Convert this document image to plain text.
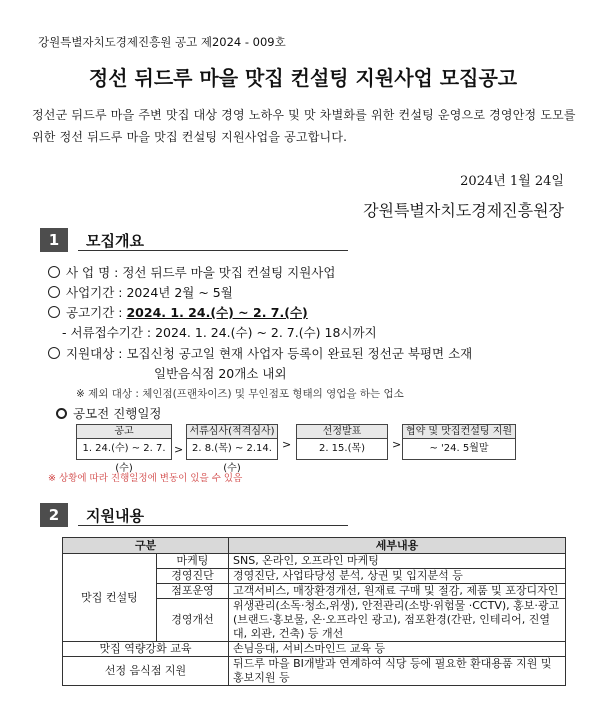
강원특별자치도경제진흥원 공고 제2024 - 009호
정선 뒤드루 마을 맛집 컨설팅 지원사업 모집공고
정선군 뒤드루 마을 주변 맛집 대상 경영 노하우 및 맛 차별화를 위한 컨설팅 운영으로 경영안정 도모를 위한 정선 뒤드루 마을 맛집 컨설팅 지원사업을 공고합니다.
2024년 1월 24일
강원특별자치도경제진흥원장
1	모집개요
사 업 명 : 정선 뒤드루 마을 맛집 컨설팅 지원사업
사업기간 : 2024년 2월 ~ 5월
공고기간 : 2024. 1. 24.(수) ~ 2. 7.(수)
- 서류접수기간 : 2024. 1. 24.(수) ~ 2. 7.(수) 18시까지
지원대상 : 모집신청 공고일 현재 사업자 등록이 완료된 정선군 북평면 소재
일반음식점 20개소 내외
※ 제외 대상 : 체인점(프랜차이즈) 및 무인점포 형태의 영업을 하는 업소
공모전 진행일정
공고
1. 24.(수) ~ 2. 7.(수)
>
서류심사(적격심사)
2. 8.(목) ~ 2.14.(수)
>
선정발표
2. 15.(목)	>
협약 및 맛집컨설팅 지원
~ '24. 5월말
※ 상황에 따라 진행일정에 변동이 있을 수 있음
2	지원내용
구분		세부내용
맛집 컨설팅	마케팅	SNS, 온라인, 오프라인 마케팅
	경영진단	경영진단, 사업타당성 분석, 상권 및 입지분석 등
	점포운영	고객서비스, 매장환경개선, 원재료 구매 및 절감, 제품 및 포장디자인
	경영개선	위생관리(소독·청소,위생), 안전관리(소방·위험물 ·CCTV), 홍보·광고(브랜드·홍보물, 온·오프라인 광고), 점포환경(간판, 인테리어, 진열대, 외관, 건축) 등 개선
맛집 역량강화 교육		손님응대, 서비스마인드 교육 등
선정 음식점 지원		뒤드루 마을 BI개발과 연계하여 식당 등에 필요한 환대용품 지원 및 홍보지원 등
